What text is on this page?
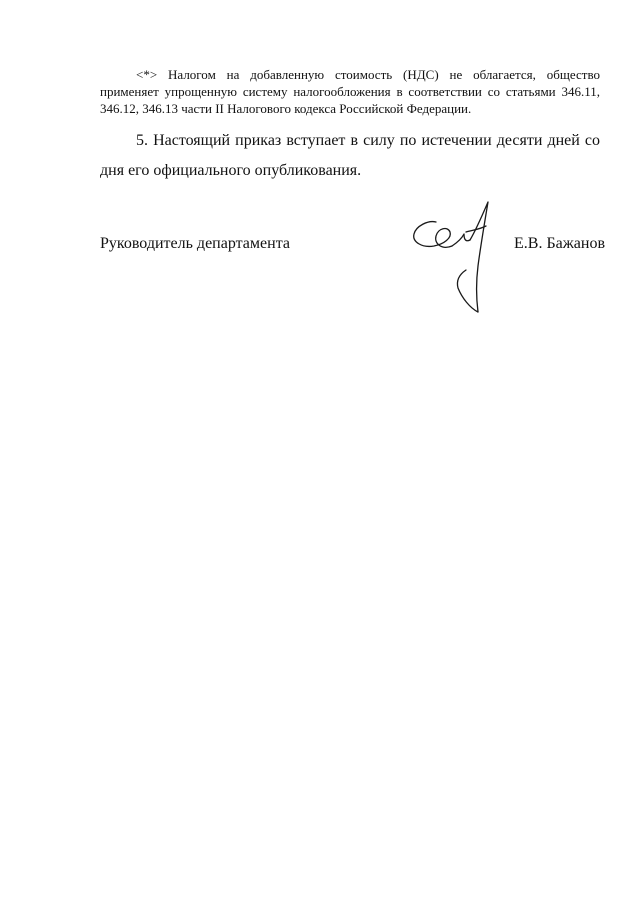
<*> Налогом на добавленную стоимость (НДС) не облагается, общество применяет упрощенную систему налогообложения в соответствии со статьями 346.11, 346.12, 346.13 части II Налогового кодекса Российской Федерации.

5. Настоящий приказ вступает в силу по истечении десяти дней со дня его официального опубликования.

Руководитель департамента	Е.В. Бажанов
